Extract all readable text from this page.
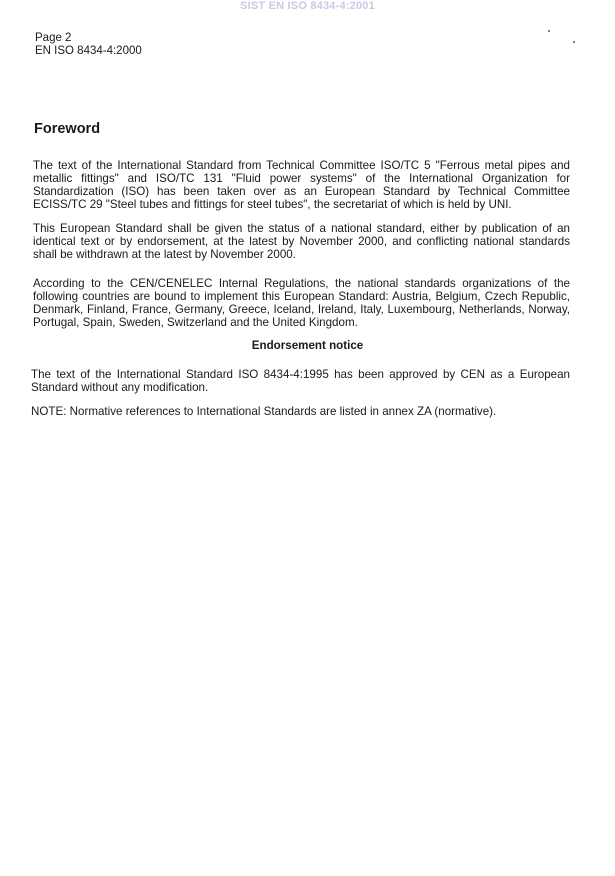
SIST EN ISO 8434-4:2001
Page 2
EN ISO 8434-4:2000
Foreword

The text of the International Standard from Technical Committee ISO/TC 5 "Ferrous metal pipes and metallic fittings" and ISO/TC 131 "Fluid power systems" of the International Organization for Standardization (ISO) has been taken over as an European Standard by Technical Committee ECISS/TC 29 "Steel tubes and fittings for steel tubes", the secretariat of which is held by UNI.

This European Standard shall be given the status of a national standard, either by publication of an identical text or by endorsement, at the latest by November 2000, and conflicting national standards shall be withdrawn at the latest by November 2000.

According to the CEN/CENELEC Internal Regulations, the national standards organizations of the following countries are bound to implement this European Standard: Austria, Belgium, Czech Republic, Denmark, Finland, France, Germany, Greece, Iceland, Ireland, Italy, Luxembourg, Netherlands, Norway, Portugal, Spain, Sweden, Switzerland and the United Kingdom.

Endorsement notice

The text of the International Standard ISO 8434-4:1995 has been approved by CEN as a European Standard without any modification.

NOTE: Normative references to International Standards are listed in annex ZA (normative).
